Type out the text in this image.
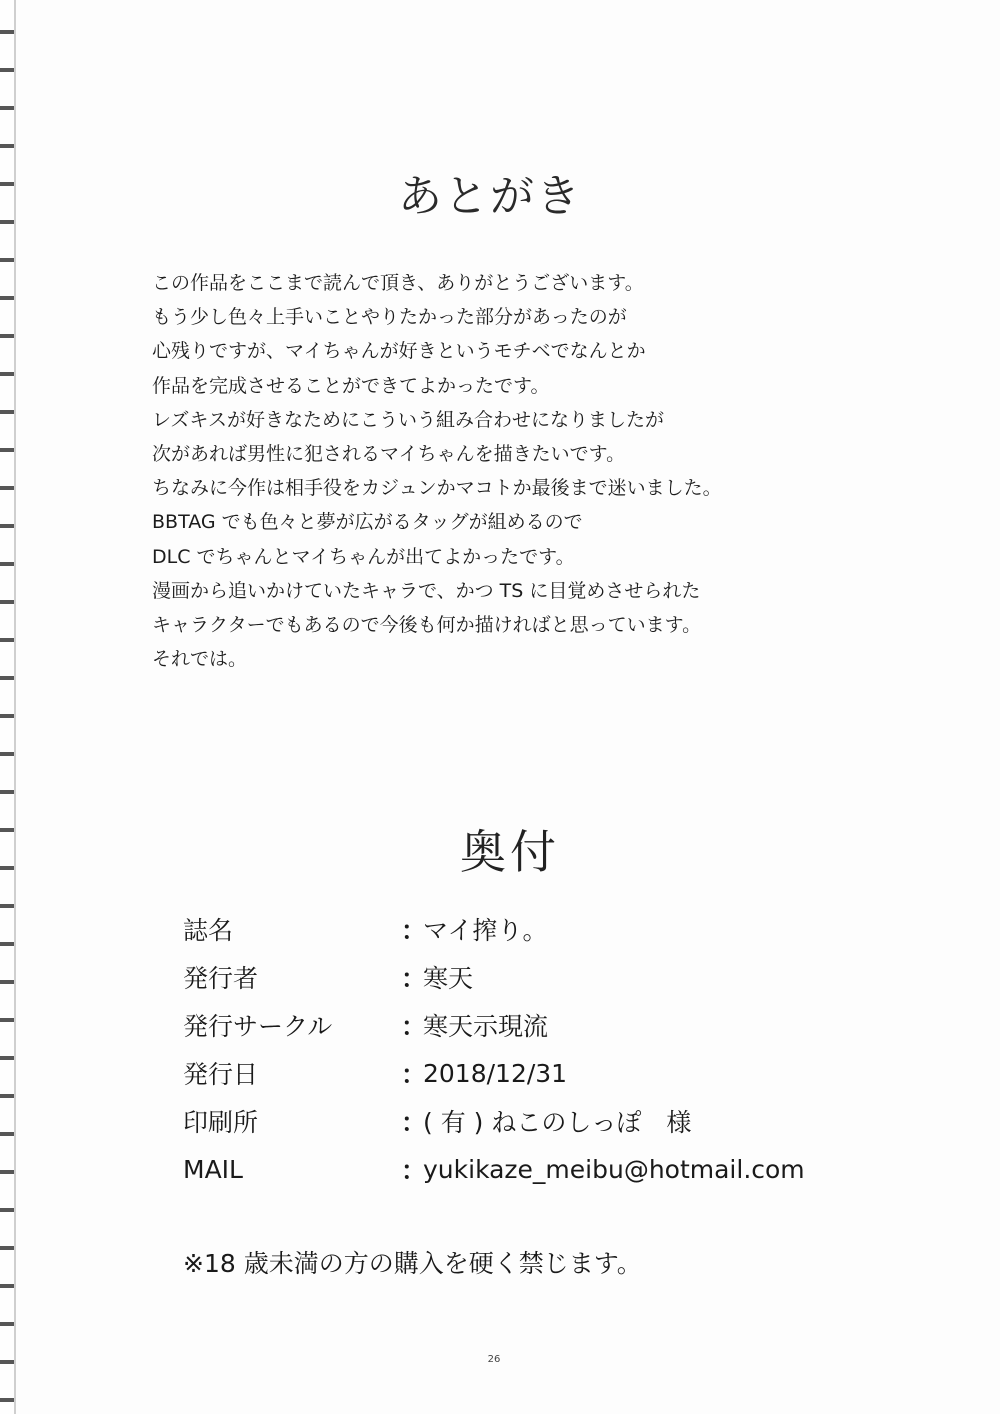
あとがき
この作品をここまで読んで頂き、ありがとうございます。
もう少し色々上手いことやりたかった部分があったのが
心残りですが、マイちゃんが好きというモチベでなんとか
作品を完成させることができてよかったです。
レズキスが好きなためにこういう組み合わせになりましたが
次があれば男性に犯されるマイちゃんを描きたいです。
ちなみに今作は相手役をカジュンかマコトか最後まで迷いました。
BBTAG でも色々と夢が広がるタッグが組めるので
DLC でちゃんとマイちゃんが出てよかったです。
漫画から追いかけていたキャラで、かつ TS に目覚めさせられた
キャラクターでもあるので今後も何か描ければと思っています。
それでは。
奥付
誌名	：
マイ搾り。
発行者	：
寒天
発行サークル	：
寒天示現流
発行日	：
2018/12/31
印刷所	：
( 有 ) ねこのしっぽ　様
MAIL	：
yukikaze_meibu@hotmail.com
※18 歳未満の方の購入を硬く禁じます。
26
